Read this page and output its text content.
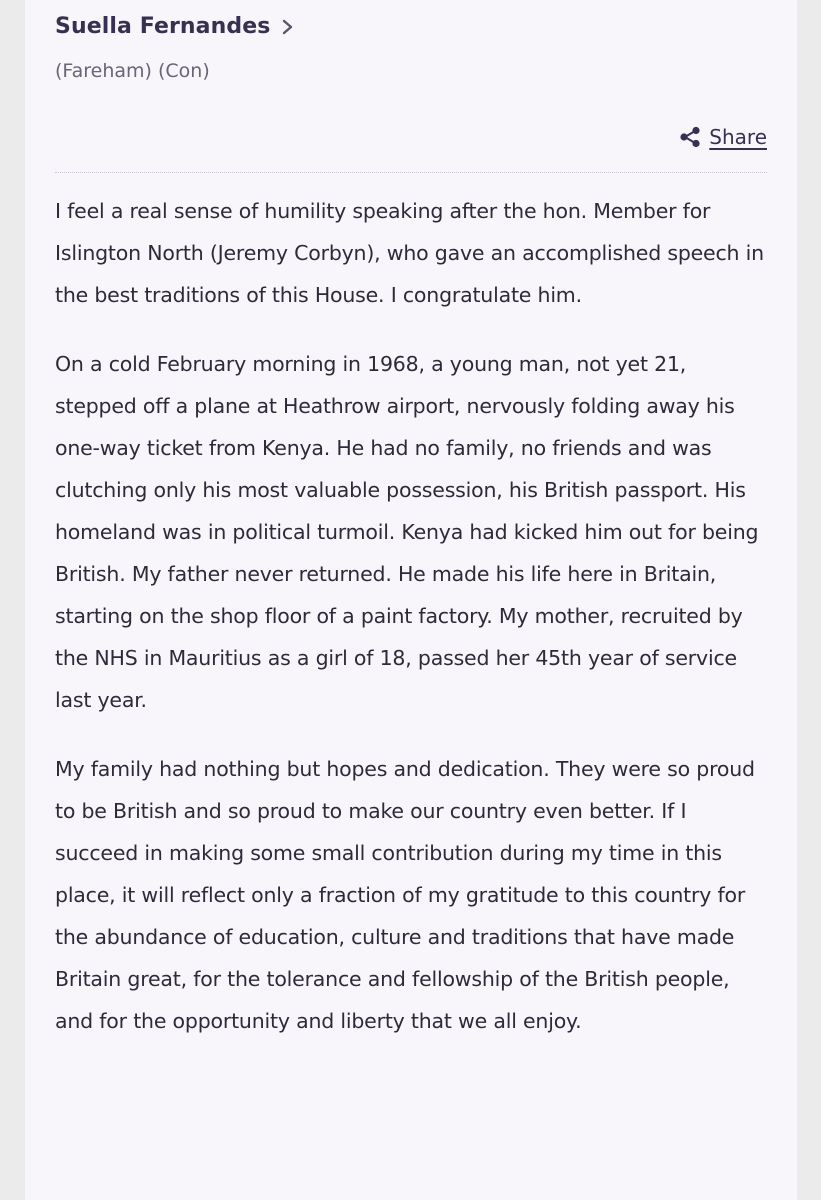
Suella Fernandes
(Fareham) (Con)
Share

I feel a real sense of humility speaking after the hon. Member for Islington North (Jeremy Corbyn), who gave an accomplished speech in the best traditions of this House. I congratulate him.

On a cold February morning in 1968, a young man, not yet 21, stepped off a plane at Heathrow airport, nervously folding away his one-way ticket from Kenya. He had no family, no friends and was clutching only his most valuable possession, his British passport. His homeland was in political turmoil. Kenya had kicked him out for being British. My father never returned. He made his life here in Britain, starting on the shop floor of a paint factory. My mother, recruited by the NHS in Mauritius as a girl of 18, passed her 45th year of service last year.

My family had nothing but hopes and dedication. They were so proud to be British and so proud to make our country even better. If I succeed in making some small contribution during my time in this place, it will reflect only a fraction of my gratitude to this country for the abundance of education, culture and traditions that have made Britain great, for the tolerance and fellowship of the British people, and for the opportunity and liberty that we all enjoy.
